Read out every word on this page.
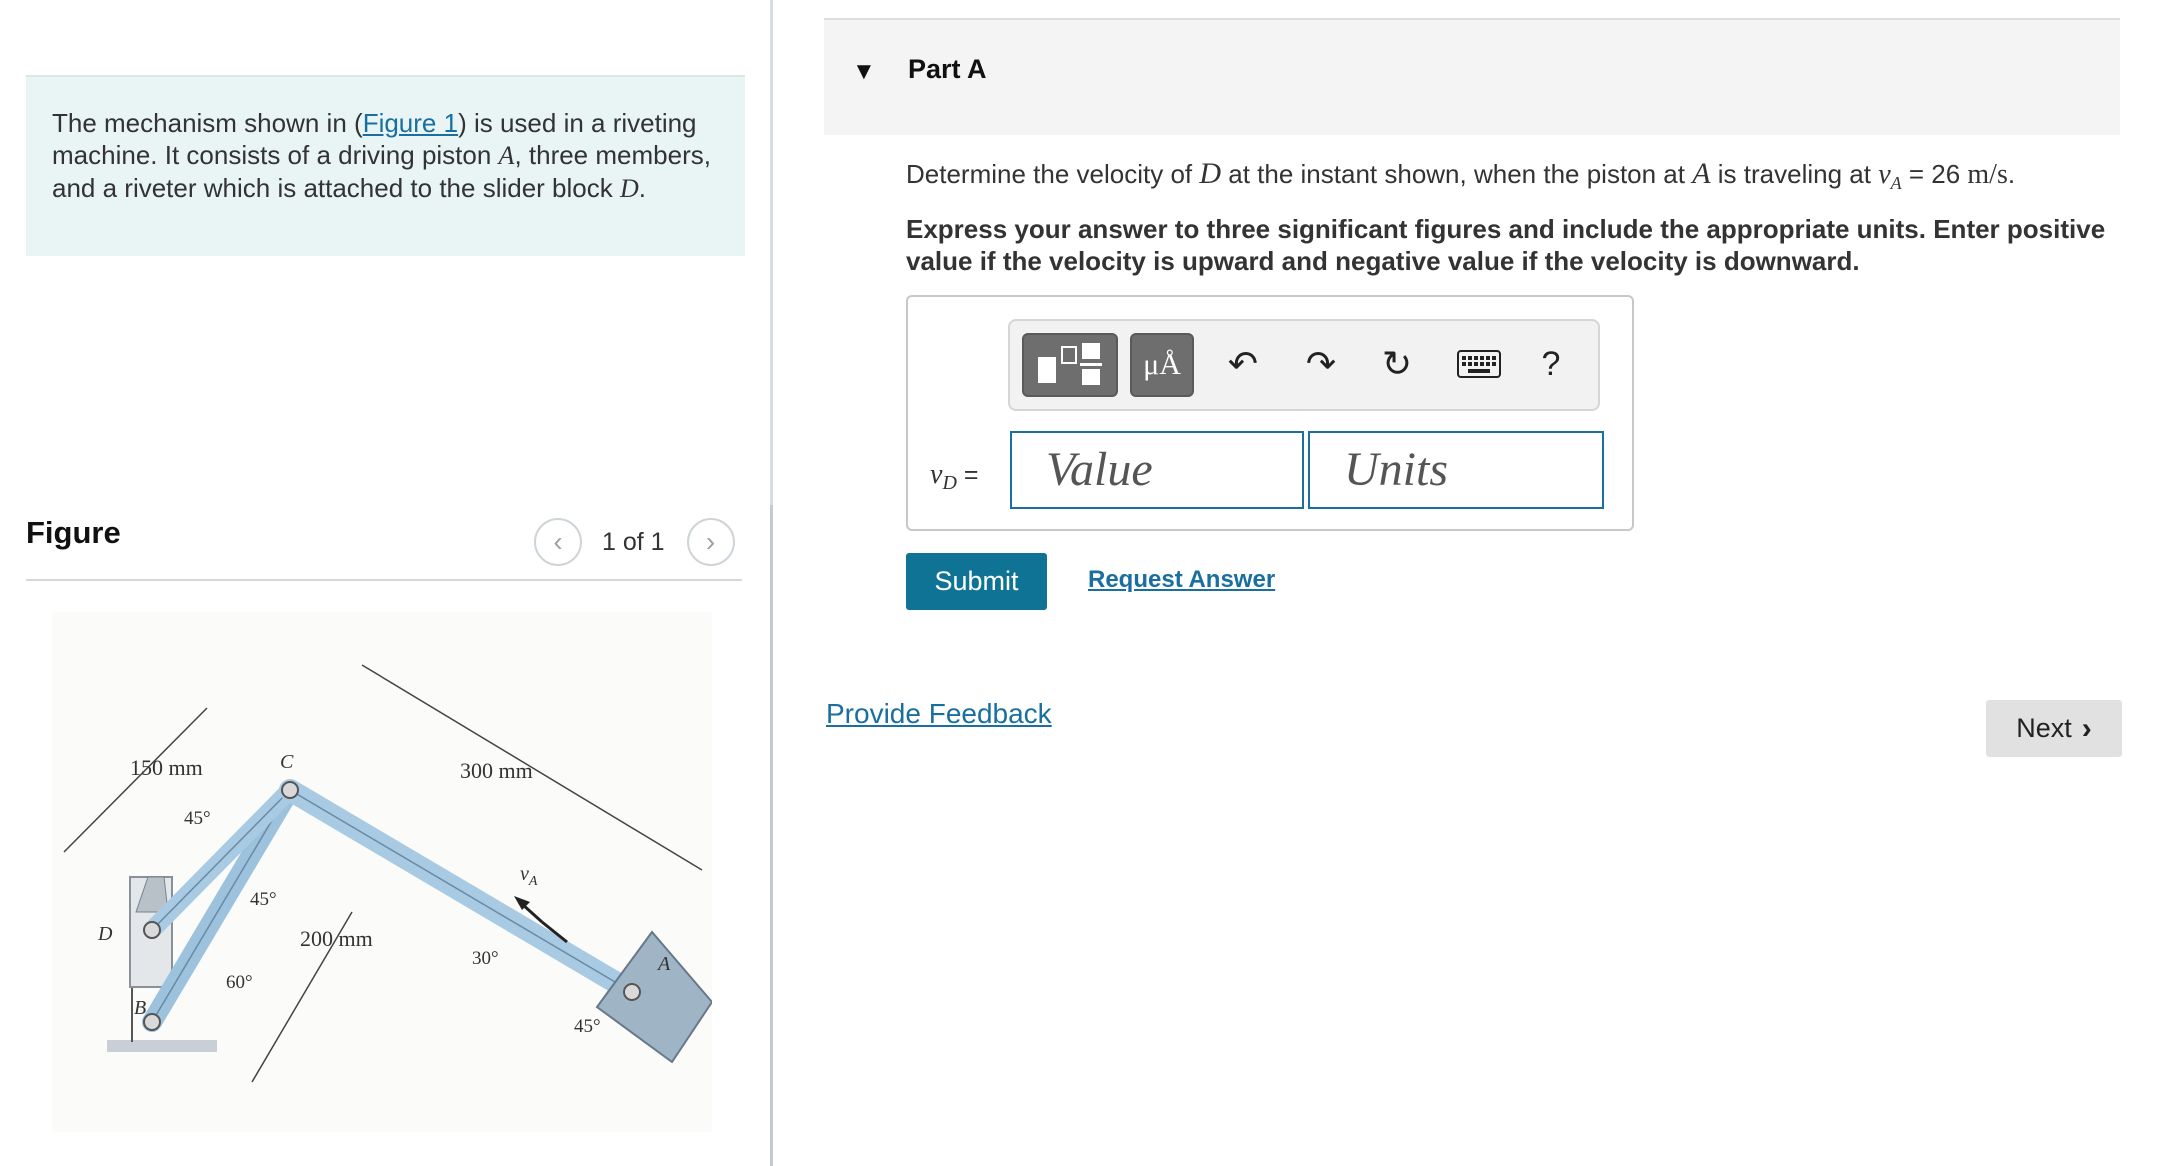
The mechanism shown in (Figure 1) is used in a riveting machine. It consists of a driving piston A, three members, and a riveter which is attached to the slider block D.
Figure	‹ 1 of 1 ›
150 mm	300 mm
200 mm
45°
45°
60°
30°
45°
C
D
B
A
$v_A$
▼ Part A
Determine the velocity of D at the instant shown, when the piston at A is traveling at $v_A = 26$ m/s.
Express your answer to three significant figures and include the appropriate units. Enter positive value if the velocity is upward and negative value if the velocity is downward.
μÅ	↶ ↷ ↻	?
$v_D$ =	Value	Units
Submit	Request Answer
Provide Feedback	Next ›
